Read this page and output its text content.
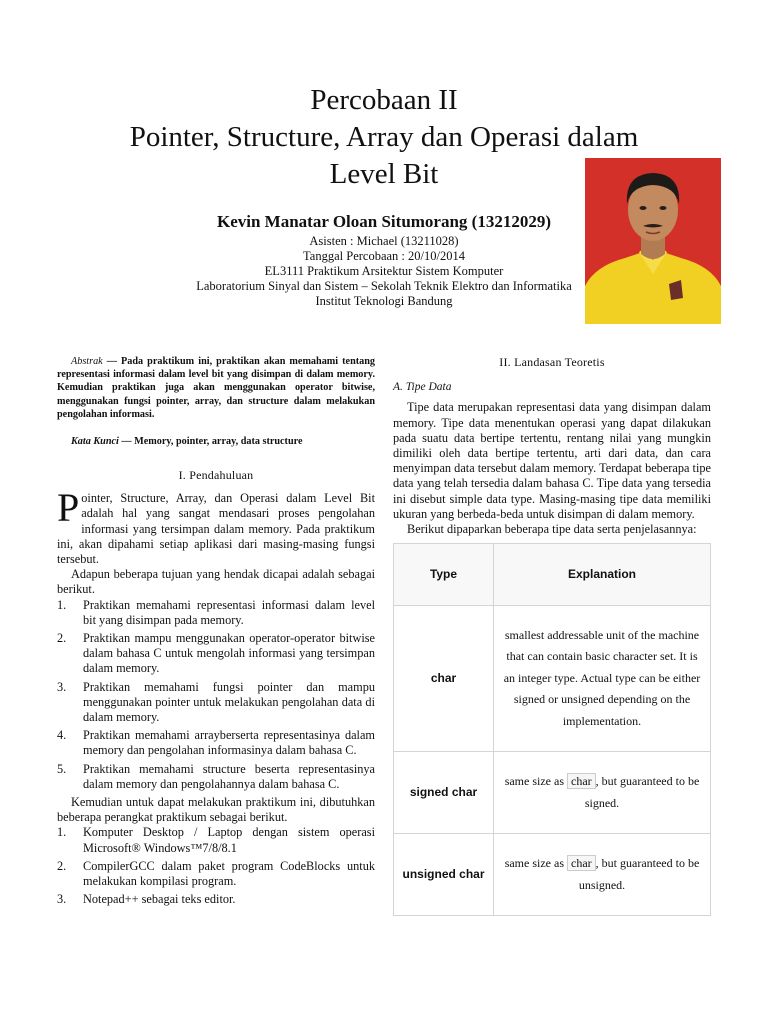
Percobaan II
Pointer, Structure, Array dan Operasi dalam
Level Bit
Kevin Manatar Oloan Situmorang (13212029)
Asisten : Michael (13211028)
Tanggal Percobaan : 20/10/2014
EL3111 Praktikum Arsitektur Sistem Komputer
Laboratorium Sinyal dan Sistem – Sekolah Teknik Elektro dan Informatika
Institut Teknologi Bandung

Abstrak — Pada praktikum ini, praktikan akan memahami tentang representasi informasi dalam level bit yang disimpan di dalam memory. Kemudian praktikan juga akan menggunakan operator bitwise, menggunakan fungsi pointer, array, dan structure dalam melakukan pengolahan informasi.

Kata Kunci — Memory, pointer, array, data structure

I. Pendahuluan

Pointer, Structure, Array, dan Operasi dalam Level Bit adalah hal yang sangat mendasari proses pengolahan informasi yang tersimpan dalam memory. Pada praktikum ini, akan dipahami setiap aplikasi dari masing-masing fungsi tersebut.

Adapun beberapa tujuan yang hendak dicapai adalah sebagai berikut.

1. Praktikan memahami representasi informasi dalam level bit yang disimpan pada memory.
2. Praktikan mampu menggunakan operator-operator bitwise dalam bahasa C untuk mengolah informasi yang tersimpan dalam memory.
3. Praktikan memahami fungsi pointer dan mampu menggunakan pointer untuk melakukan pengolahan data di dalam memory.
4. Praktikan memahami arrayberserta representasinya dalam memory dan pengolahan informasinya dalam bahasa C.
5. Praktikan memahami structure beserta representasinya dalam memory dan pengolahannya dalam bahasa C.

Kemudian untuk dapat melakukan praktikum ini, dibutuhkan beberapa perangkat praktikum sebagai berikut.

1. Komputer Desktop / Laptop dengan sistem operasi Microsoft® Windows™7/8/8.1
2. CompilerGCC dalam paket program CodeBlocks untuk melakukan kompilasi program.
3. Notepad++ sebagai teks editor.
II. Landasan Teoretis
A. Tipe Data

Tipe data merupakan representasi data yang disimpan dalam memory. Tipe data menentukan operasi yang dapat dilakukan pada suatu data bertipe tertentu, rentang nilai yang mungkin dimiliki oleh data bertipe tertentu, arti dari data, dan cara menyimpan data tersebut dalam memory. Terdapat beberapa tipe data yang telah tersedia dalam bahasa C. Tipe data yang tersedia ini disebut simple data type. Masing-masing tipe data memiliki ukuran yang berbeda-beda untuk disimpan di dalam memory.

Berikut dipaparkan beberapa tipe data serta penjelasannya:

Type	Explanation
char	smallest addressable unit of the machine that can contain basic character set. It is an integer type. Actual type can be either signed or unsigned depending on the implementation.
signed char	same size as char , but guaranteed to be signed.
unsigned char	same size as char , but guaranteed to be unsigned.
